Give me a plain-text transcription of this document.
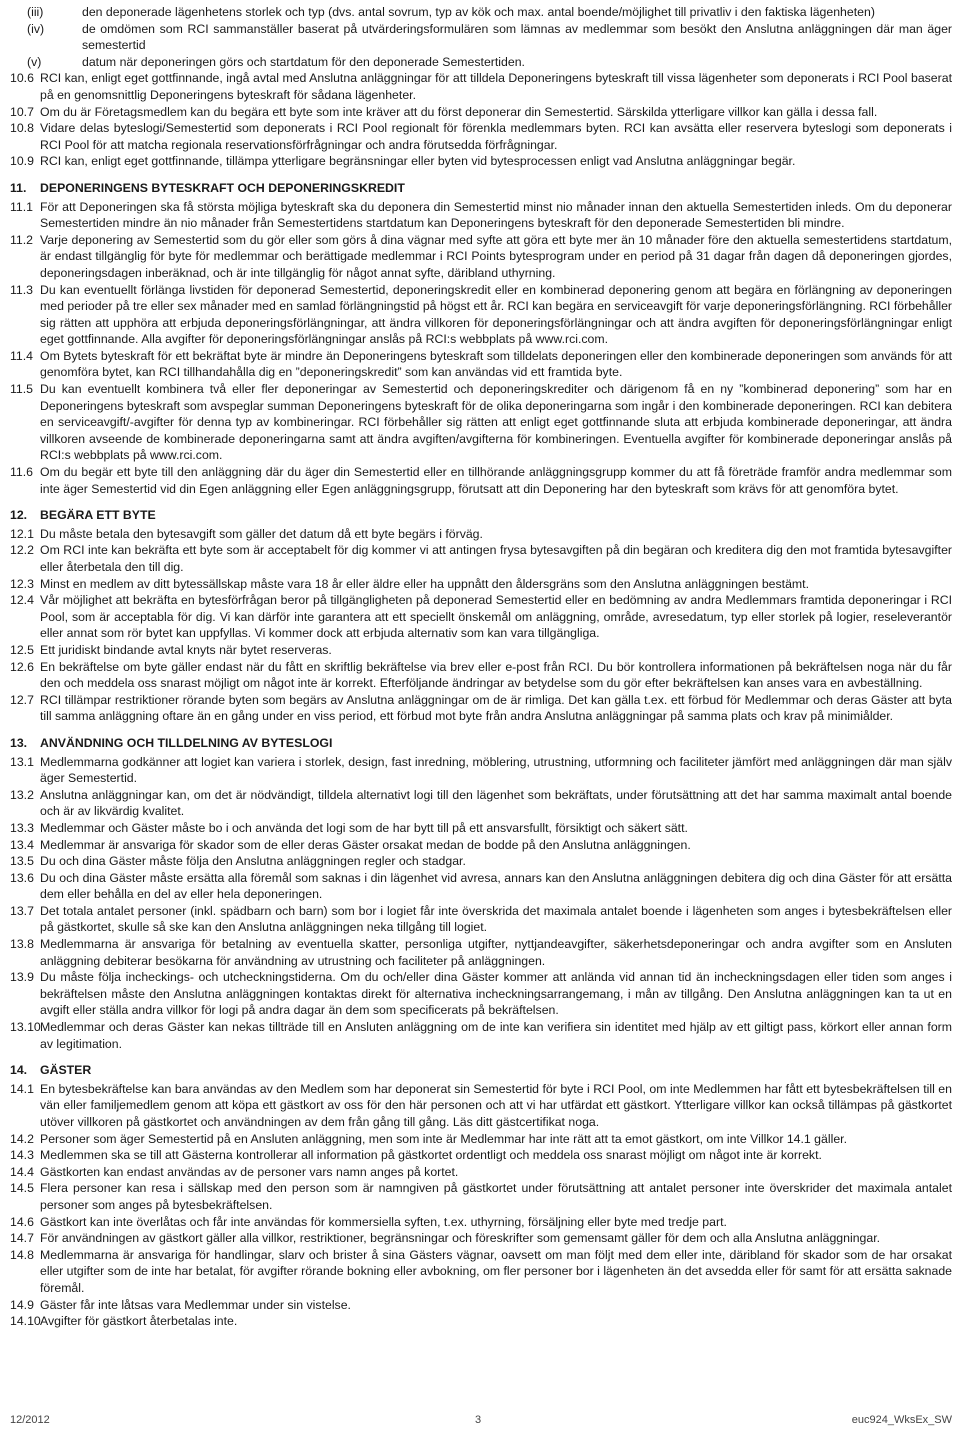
(iii)	den deponerade lägenhetens storlek och typ (dvs. antal sovrum, typ av kök och max. antal boende/möjlighet till privatliv i den faktiska lägenheten)
(iv)	de omdömen som RCI sammanställer baserat på utvärderingsformulären som lämnas av medlemmar som besökt den Anslutna anläggningen där man äger semestertid
(v)	datum när deponeringen görs och startdatum för den deponerade Semestertiden.
10.6 RCI kan, enligt eget gottfinnande, ingå avtal med Anslutna anläggningar för att tilldela Deponeringens byteskraft till vissa lägenheter som deponerats i RCI Pool baserat på en genomsnittlig Deponeringens byteskraft för sådana lägenheter.
10.7 Om du är Företagsmedlem kan du begära ett byte som inte kräver att du först deponerar din Semestertid. Särskilda ytterligare villkor kan gälla i dessa fall.
10.8 Vidare delas byteslogi/Semestertid som deponerats i RCI Pool regionalt för förenkla medlemmars byten. RCI kan avsätta eller reservera byteslogi som deponerats i RCI Pool för att matcha regionala reservationsförfrågningar och andra förutsedda förfrågningar.
10.9 RCI kan, enligt eget gottfinnande, tillämpa ytterligare begränsningar eller byten vid bytesprocessen enligt vad Anslutna anläggningar begär.
11.	DEPONERINGENS BYTESKRAFT OCH DEPONERINGSKREDIT
11.1 För att Deponeringen ska få största möjliga byteskraft ska du deponera din Semestertid minst nio månader innan den aktuella Semestertiden inleds. Om du deponerar Semestertiden mindre än nio månader från Semestertidens startdatum kan Deponeringens byteskraft för den deponerade Semestertiden bli mindre.
11.2 Varje deponering av Semestertid som du gör eller som görs å dina vägnar med syfte att göra ett byte mer än 10 månader före den aktuella semestertidens startdatum, är endast tillgänglig för byte för medlemmar och berättigade medlemmar i RCI Points bytesprogram under en period på 31 dagar från dagen då deponeringen gjordes, deponeringsdagen inberäknad, och är inte tillgänglig för något annat syfte, däribland uthyrning.
11.3 Du kan eventuellt förlänga livstiden för deponerad Semestertid, deponeringskredit eller en kombinerad deponering genom att begära en förlängning av deponeringen med perioder på tre eller sex månader med en samlad förlängningstid på högst ett år. RCI kan begära en serviceavgift för varje deponeringsförlängning. RCI förbehåller sig rätten att upphöra att erbjuda deponeringsförlängningar, att ändra villkoren för deponeringsförlängningar och att ändra avgiften för deponeringsförlängningar enligt eget gottfinnande. Alla avgifter för deponeringsförlängningar anslås på RCI:s webbplats på www.rci.com.
11.4 Om Bytets byteskraft för ett bekräftat byte är mindre än Deponeringens byteskraft som tilldelats deponeringen eller den kombinerade deponeringen som används för att genomföra bytet, kan RCI tillhandahålla dig en ”deponeringskredit” som kan användas vid ett framtida byte.
11.5 Du kan eventuellt kombinera två eller fler deponeringar av Semestertid och deponeringskrediter och därigenom få en ny ”kombinerad deponering” som har en Deponeringens byteskraft som avspeglar summan Deponeringens byteskraft för de olika deponeringarna som ingår i den kombinerade deponeringen. RCI kan debitera en serviceavgift/-avgifter för denna typ av kombineringar. RCI förbehåller sig rätten att enligt eget gottfinnande sluta att erbjuda kombinerade deponeringar, att ändra villkoren avseende de kombinerade deponeringarna samt att ändra avgiften/avgifterna för kombineringen. Eventuella avgifter för kombinerade deponeringar anslås på RCI:s webbplats på www.rci.com.
11.6 Om du begär ett byte till den anläggning där du äger din Semestertid eller en tillhörande anläggningsgrupp kommer du att få företräde framför andra medlemmar som inte äger Semestertid vid din Egen anläggning eller Egen anläggningsgrupp, förutsatt att din Deponering har den byteskraft som krävs för att genomföra bytet.
12.	BEGÄRA ETT BYTE
12.1 Du måste betala den bytesavgift som gäller det datum då ett byte begärs i förväg.
12.2 Om RCI inte kan bekräfta ett byte som är acceptabelt för dig kommer vi att antingen frysa bytesavgiften på din begäran och kreditera dig den mot framtida bytesavgifter eller återbetala den till dig.
12.3 Minst en medlem av ditt bytessällskap måste vara 18 år eller äldre eller ha uppnått den åldersgräns som den Anslutna anläggningen bestämt.
12.4 Vår möjlighet att bekräfta en bytesförfrågan beror på tillgängligheten på deponerad Semestertid eller en bedömning av andra Medlemmars framtida deponeringar i RCI Pool, som är acceptabla för dig. Vi kan därför inte garantera att ett speciellt önskemål om anläggning, område, avresedatum, typ eller storlek på logier, reseleverantör eller annat som rör bytet kan uppfyllas. Vi kommer dock att erbjuda alternativ som kan vara tillgängliga.
12.5 Ett juridiskt bindande avtal knyts när bytet reserveras.
12.6 En bekräftelse om byte gäller endast när du fått en skriftlig bekräftelse via brev eller e-post från RCI. Du bör kontrollera informationen på bekräftelsen noga när du får den och meddela oss snarast möjligt om något inte är korrekt. Efterföljande ändringar av betydelse som du gör efter bekräftelsen kan anses vara en avbeställning.
12.7 RCI tillämpar restriktioner rörande byten som begärs av Anslutna anläggningar om de är rimliga. Det kan gälla t.ex. ett förbud för Medlemmar och deras Gäster att byta till samma anläggning oftare än en gång under en viss period, ett förbud mot byte från andra Anslutna anläggningar på samma plats och krav på minimiålder.
13.	ANVÄNDNING OCH TILLDELNING AV BYTESLOGI
13.1 Medlemmarna godkänner att logiet kan variera i storlek, design, fast inredning, möblering, utrustning, utformning och faciliteter jämfört med anläggningen där man själv äger Semestertid.
13.2 Anslutna anläggningar kan, om det är nödvändigt, tilldela alternativt logi till den lägenhet som bekräftats, under förutsättning att det har samma maximalt antal boende och är av likvärdig kvalitet.
13.3 Medlemmar och Gäster måste bo i och använda det logi som de har bytt till på ett ansvarsfullt, försiktigt och säkert sätt.
13.4 Medlemmar är ansvariga för skador som de eller deras Gäster orsakat medan de bodde på den Anslutna anläggningen.
13.5 Du och dina Gäster måste följa den Anslutna anläggningen regler och stadgar.
13.6 Du och dina Gäster måste ersätta alla föremål som saknas i din lägenhet vid avresa, annars kan den Anslutna anläggningen debitera dig och dina Gäster för att ersätta dem eller behålla en del av eller hela deponeringen.
13.7 Det totala antalet personer (inkl. spädbarn och barn) som bor i logiet får inte överskrida det maximala antalet boende i lägenheten som anges i bytesbekräftelsen eller på gästkortet, skulle så ske kan den Anslutna anläggningen neka tillgång till logiet.
13.8 Medlemmarna är ansvariga för betalning av eventuella skatter, personliga utgifter, nyttjandeavgifter, säkerhetsdeponeringar och andra avgifter som en Ansluten anläggning debiterar besökarna för användning av utrustning och faciliteter på anläggningen.
13.9 Du måste följa incheckings- och utcheckningstiderna. Om du och/eller dina Gäster kommer att anlända vid annan tid än incheckningsdagen eller tiden som anges i bekräftelsen måste den Anslutna anläggningen kontaktas direkt för alternativa incheckningsarrangemang, i mån av tillgång. Den Anslutna anläggningen kan ta ut en avgift eller ställa andra villkor för logi på andra dagar än dem som specificerats på bekräftelsen.
13.10 Medlemmar och deras Gäster kan nekas tillträde till en Ansluten anläggning om de inte kan verifiera sin identitet med hjälp av ett giltigt pass, körkort eller annan form av legitimation.
14.	GÄSTER
14.1 En bytesbekräftelse kan bara användas av den Medlem som har deponerat sin Semestertid för byte i RCI Pool, om inte Medlemmen har fått ett bytesbekräftelsen till en vän eller familjemedlem genom att köpa ett gästkort av oss för den här personen och att vi har utfärdat ett gästkort. Ytterligare villkor kan också tillämpas på gästkortet utöver villkoren på gästkortet och användningen av dem från gång till gång. Läs ditt gästcertifikat noga.
14.2 Personer som äger Semestertid på en Ansluten anläggning, men som inte är Medlemmar har inte rätt att ta emot gästkort, om inte Villkor 14.1 gäller.
14.3 Medlemmen ska se till att Gästerna kontrollerar all information på gästkortet ordentligt och meddela oss snarast möjligt om något inte är korrekt.
14.4 Gästkorten kan endast användas av de personer vars namn anges på kortet.
14.5 Flera personer kan resa i sällskap med den person som är namngiven på gästkortet under förutsättning att antalet personer inte överskrider det maximala antalet personer som anges på bytesbekräftelsen.
14.6 Gästkort kan inte överlåtas och får inte användas för kommersiella syften, t.ex. uthyrning, försäljning eller byte med tredje part.
14.7 För användningen av gästkort gäller alla villkor, restriktioner, begränsningar och föreskrifter som gemensamt gäller för dem och alla Anslutna anläggningar.
14.8 Medlemmarna är ansvariga för handlingar, slarv och brister å sina Gästers vägnar, oavsett om man följt med dem eller inte, däribland för skador som de har orsakat eller utgifter som de inte har betalat, för avgifter rörande bokning eller avbokning, om fler personer bor i lägenheten än det avsedda eller för samt för att ersätta saknade föremål.
14.9 Gäster får inte låtsas vara Medlemmar under sin vistelse.
14.10 Avgifter för gästkort återbetalas inte.
12/2012	3	euc924_WksEx_SW
